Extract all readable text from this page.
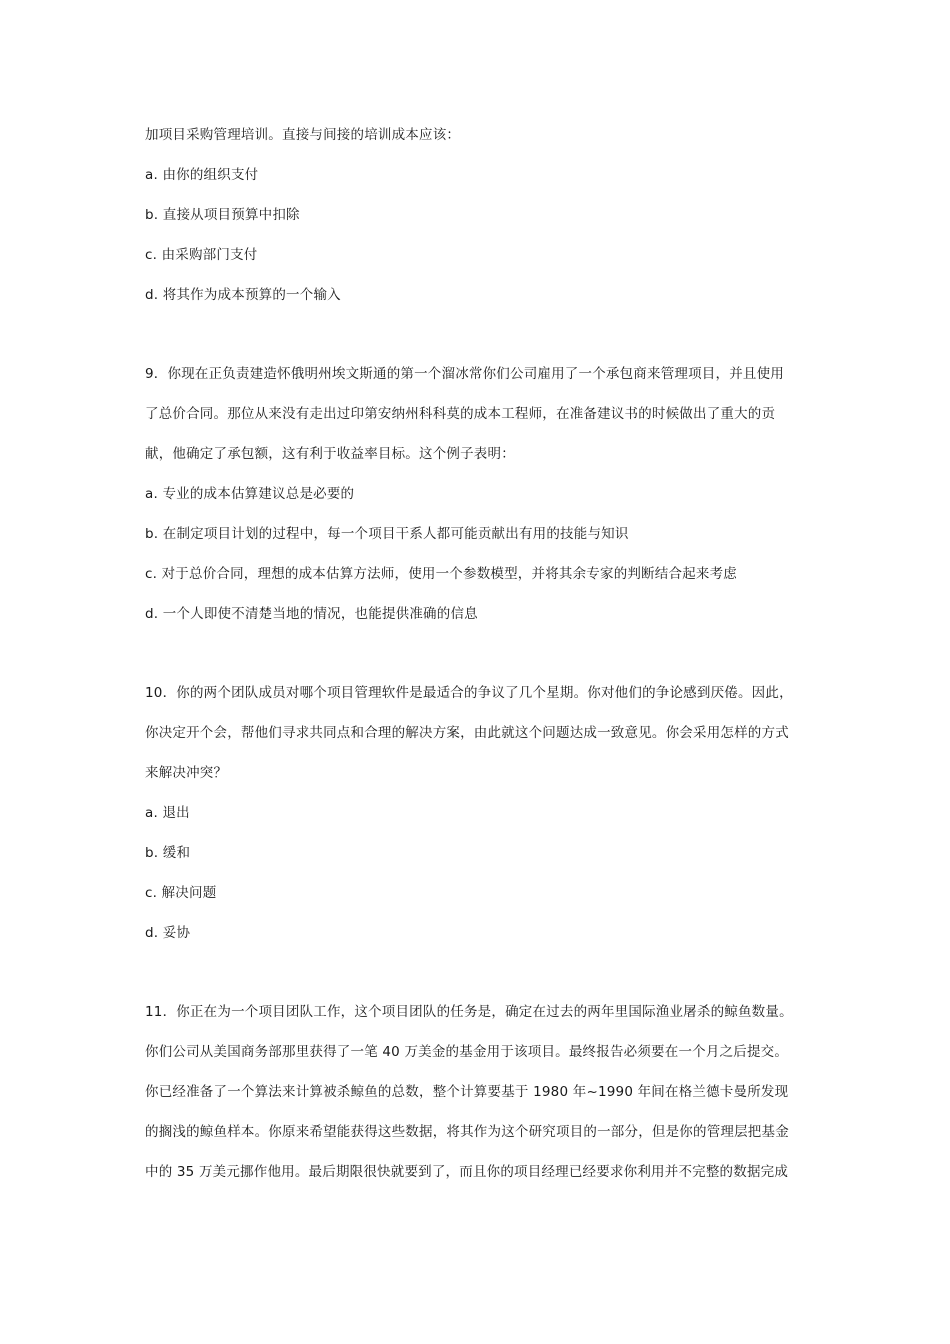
加项目采购管理培训。直接与间接的培训成本应该：
a. 由你的组织支付
b. 直接从项目预算中扣除
c. 由采购部门支付
d. 将其作为成本预算的一个输入
9．你现在正负责建造怀俄明州埃文斯通的第一个溜冰常你们公司雇用了一个承包商来管理项目，并且使用
了总价合同。那位从来没有走出过印第安纳州科科莫的成本工程师，在准备建议书的时候做出了重大的贡
献，他确定了承包额，这有利于收益率目标。这个例子表明：
a. 专业的成本估算建议总是必要的
b. 在制定项目计划的过程中，每一个项目干系人都可能贡献出有用的技能与知识
c. 对于总价合同，理想的成本估算方法师，使用一个参数模型，并将其余专家的判断结合起来考虑
d. 一个人即使不清楚当地的情况，也能提供准确的信息
10．你的两个团队成员对哪个项目管理软件是最适合的争议了几个星期。你对他们的争论感到厌倦。因此，
你决定开个会，帮他们寻求共同点和合理的解决方案，由此就这个问题达成一致意见。你会采用怎样的方式
来解决冲突？
a. 退出
b. 缓和
c. 解决问题
d. 妥协
11．你正在为一个项目团队工作，这个项目团队的任务是，确定在过去的两年里国际渔业屠杀的鲸鱼数量。
你们公司从美国商务部那里获得了一笔 40 万美金的基金用于该项目。最终报告必须要在一个月之后提交。
你已经准备了一个算法来计算被杀鲸鱼的总数，整个计算要基于 1980 年~1990 年间在格兰德卡曼所发现
的搁浅的鲸鱼样本。你原来希望能获得这些数据，将其作为这个研究项目的一部分，但是你的管理层把基金
中的 35 万美元挪作他用。最后期限很快就要到了，而且你的项目经理已经要求你利用并不完整的数据完成
